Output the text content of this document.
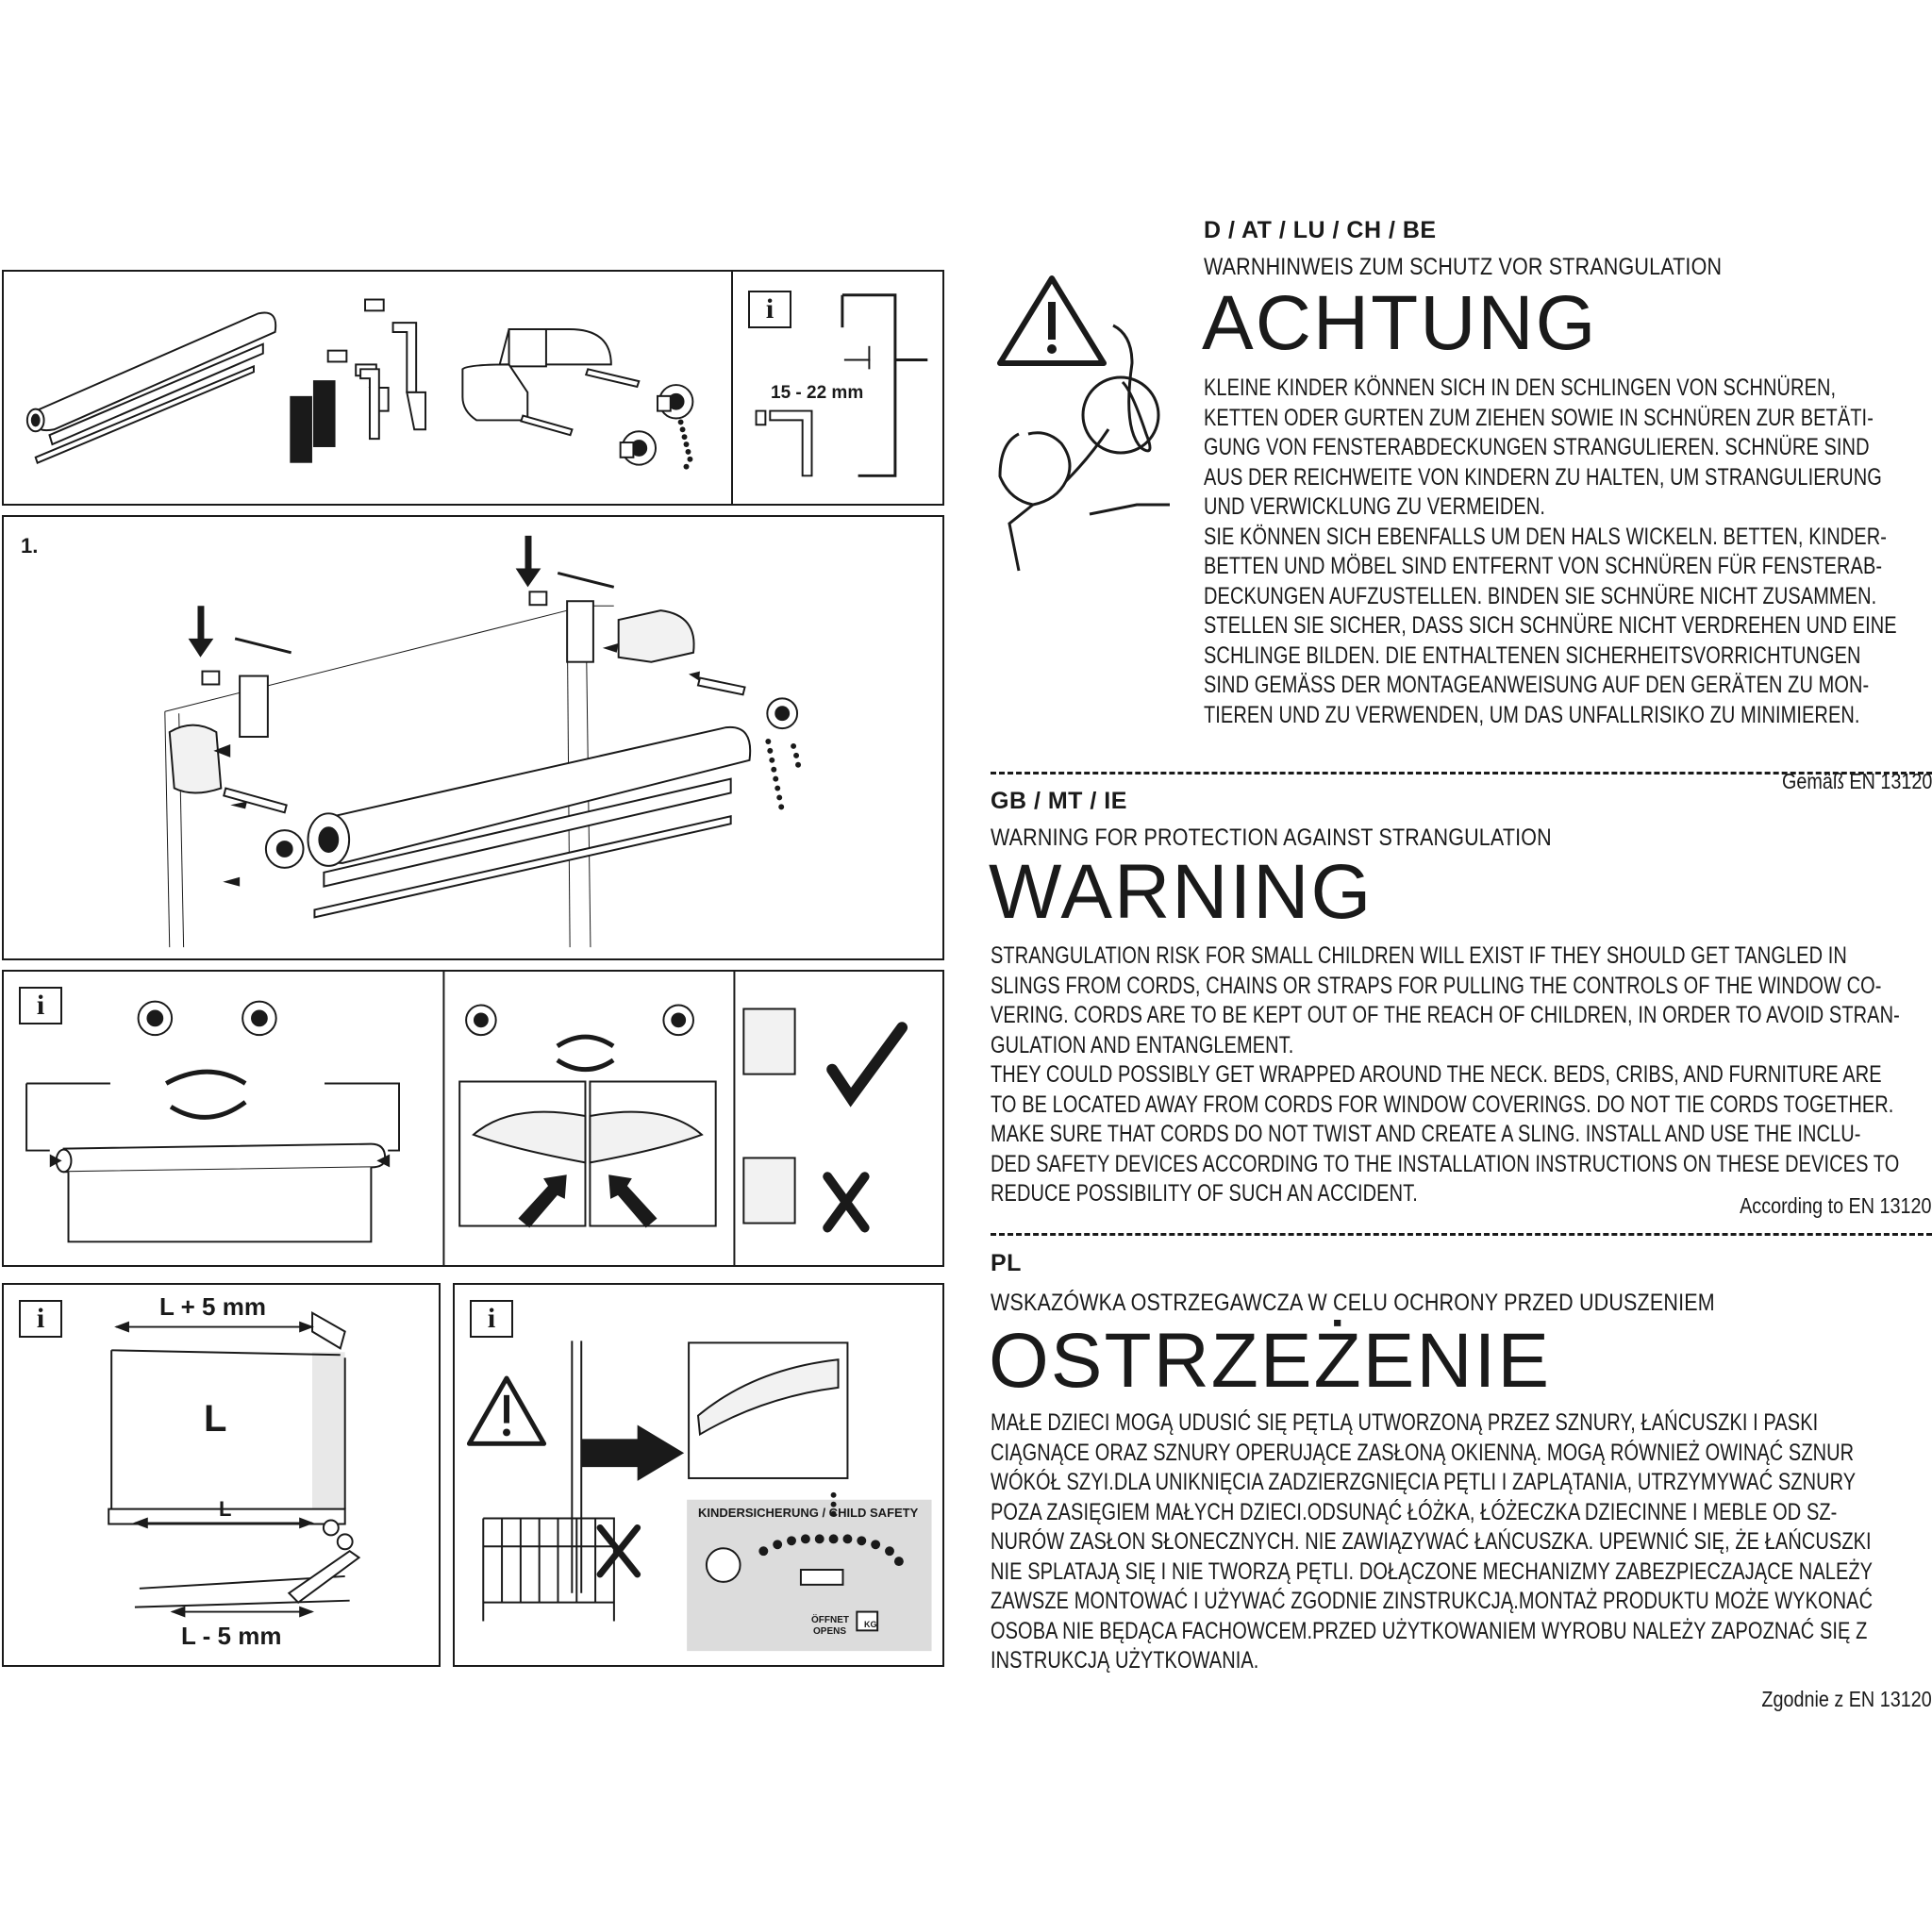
i
15 - 22 mm
1.
i
i	L + 5 mm
L
L
L - 5 mm
i
KINDERSICHERUNG / CHILD SAFETY
ÖFFNET
OPENS
KG
D / AT / LU / CH / BE
WARNHINWEIS ZUM SCHUTZ VOR STRANGULATION
ACHTUNG
KLEINE KINDER KÖNNEN SICH IN DEN SCHLINGEN VON SCHNÜREN,
KETTEN ODER GURTEN ZUM ZIEHEN SOWIE IN SCHNÜREN ZUR BETÄTI-
GUNG VON FENSTERABDECKUNGEN STRANGULIEREN. SCHNÜRE SIND
AUS DER REICHWEITE VON KINDERN ZU HALTEN, UM STRANGULIERUNG
UND VERWICKLUNG ZU VERMEIDEN.
SIE KÖNNEN SICH EBENFALLS UM DEN HALS WICKELN. BETTEN, KINDER-
BETTEN UND MÖBEL SIND ENTFERNT VON SCHNÜREN FÜR FENSTERAB-
DECKUNGEN AUFZUSTELLEN. BINDEN SIE SCHNÜRE NICHT ZUSAMMEN.
STELLEN SIE SICHER, DASS SICH SCHNÜRE NICHT VERDREHEN UND EINE
SCHLINGE BILDEN. DIE ENTHALTENEN SICHERHEITSVORRICHTUNGEN
SIND GEMÄSS DER MONTAGEANWEISUNG AUF DEN GERÄTEN ZU MON-
TIEREN UND ZU VERWENDEN, UM DAS UNFALLRISIKO ZU MINIMIEREN.
Gemäß EN 13120
GB / MT / IE
WARNING FOR PROTECTION AGAINST STRANGULATION
WARNING
STRANGULATION RISK FOR SMALL CHILDREN WILL EXIST IF THEY SHOULD GET TANGLED IN
SLINGS FROM CORDS, CHAINS OR STRAPS FOR PULLING THE CONTROLS OF THE WINDOW CO-
VERING. CORDS ARE TO BE KEPT OUT OF THE REACH OF CHILDREN, IN ORDER TO AVOID STRAN-
GULATION AND ENTANGLEMENT.
THEY COULD POSSIBLY GET WRAPPED AROUND THE NECK. BEDS, CRIBS, AND FURNITURE ARE
TO BE LOCATED AWAY FROM CORDS FOR WINDOW COVERINGS. DO NOT TIE CORDS TOGETHER.
MAKE SURE THAT CORDS DO NOT TWIST AND CREATE A SLING. INSTALL AND USE THE INCLU-
DED SAFETY DEVICES ACCORDING TO THE INSTALLATION INSTRUCTIONS ON THESE DEVICES TO
REDUCE POSSIBILITY OF SUCH AN ACCIDENT.	According to EN 13120
PL
WSKAZÓWKA OSTRZEGAWCZA W CELU OCHRONY PRZED UDUSZENIEM
OSTRZEŻENIE
MAŁE DZIECI MOGĄ UDUSIĆ SIĘ PĘTLĄ UTWORZONĄ PRZEZ SZNURY, ŁAŃCUSZKI I PASKI
CIĄGNĄCE ORAZ SZNURY OPERUJĄCE ZASŁONĄ OKIENNĄ. MOGĄ RÓWNIEŻ OWINĄĆ SZNUR
WÓKÓŁ SZYI.DLA UNIKNIĘCIA ZADZIERZGNIĘCIA PĘTLI I ZAPLĄTANIA, UTRZYMYWAĆ SZNURY
POZA ZASIĘGIEM MAŁYCH DZIECI.ODSUNĄĆ ŁÓŻKA, ŁÓŻECZKA DZIECINNE I MEBLE OD SZ-
NURÓW ZASŁON SŁONECZNYCH. NIE ZAWIĄZYWAĆ ŁAŃCUSZKA. UPEWNIĆ SIĘ, ŻE ŁAŃCUSZKI
NIE SPLATAJĄ SIĘ I NIE TWORZĄ PĘTLI. DOŁĄCZONE MECHANIZMY ZABEZPIECZAJĄCE NALEŻY
ZAWSZE MONTOWAĆ I UŻYWAĆ ZGODNIE ZINSTRUKCJĄ.MONTAŻ PRODUKTU MOŻE WYKONAĆ
OSOBA NIE BĘDĄCA FACHOWCEM.PRZED UŻYTKOWANIEM WYROBU NALEŻY ZAPOZNAĆ SIĘ Z
INSTRUKCJĄ UŻYTKOWANIA.
Zgodnie z EN 13120
